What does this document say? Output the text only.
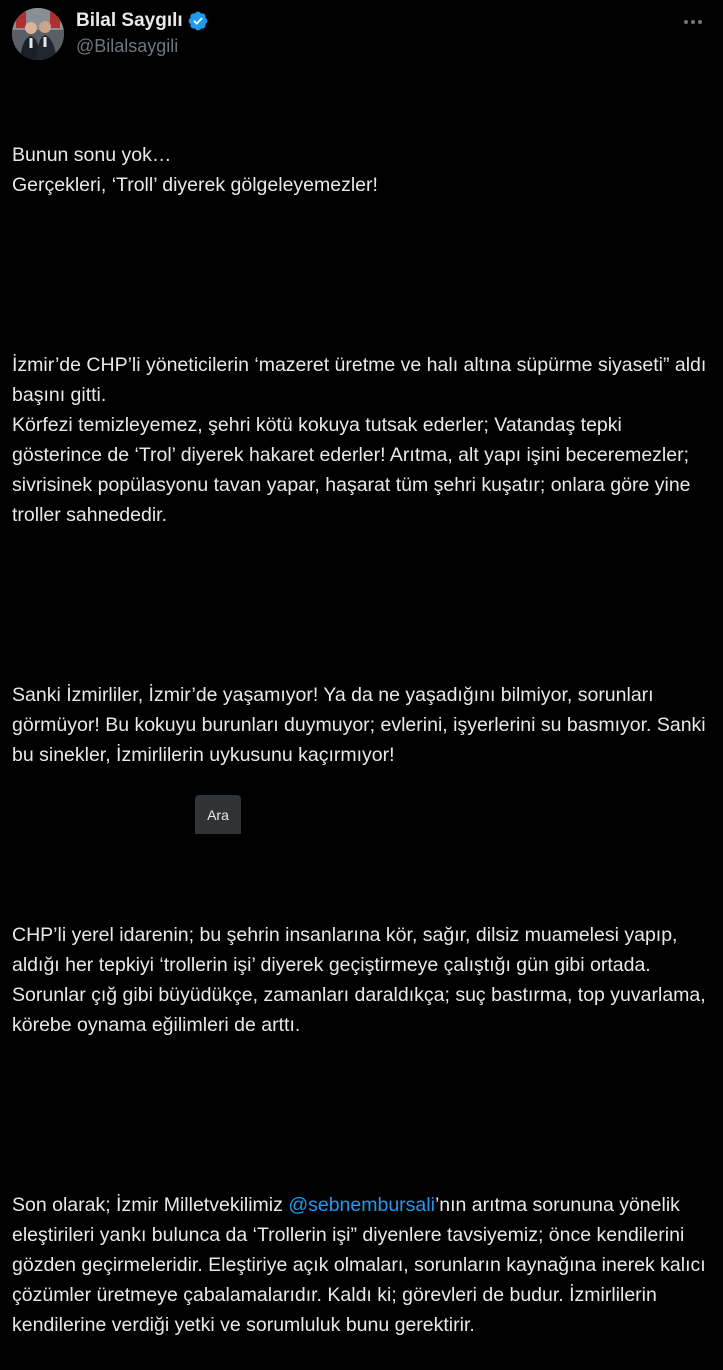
Bilal Saygılı
@Bilalsaygili

Bunun sonu yok…
Gerçekleri, ‘Troll’ diyerek gölgeleyemezler!

İzmir’de CHP’li yöneticilerin ‘mazeret üretme ve halı altına süpürme siyaseti” aldı başını gitti.
Körfezi temizleyemez, şehri kötü kokuya tutsak ederler; Vatandaş tepki gösterince de ‘Trol’ diyerek hakaret ederler! Arıtma, alt yapı işini beceremezler; sivrisinek popülasyonu tavan yapar, haşarat tüm şehri kuşatır; onlara göre yine troller sahnededir.

Sanki İzmirliler, İzmir’de yaşamıyor! Ya da ne yaşadığını bilmiyor, sorunları görmüyor! Bu kokuyu burunları duymuyor; evlerini, işyerlerini su basmıyor. Sanki bu sinekler, İzmirlilerin uykusunu kaçırmıyor!

CHP’li yerel idarenin; bu şehrin insanlarına kör, sağır, dilsiz muamelesi yapıp, aldığı her tepkiyi ‘trollerin işi’ diyerek geçiştirmeye çalıştığı gün gibi ortada. Sorunlar çığ gibi büyüdükçe, zamanları daraldıkça; suç bastırma, top yuvarlama, körebe oynama eğilimleri de arttı.

Son olarak; İzmir Milletvekilimiz @sebnembursali’nın arıtma sorununa yönelik eleştirileri yankı bulunca da ‘Trollerin işi” diyenlere tavsiyemiz; önce kendilerini gözden geçirmeleridir. Eleştiriye açık olmaları, sorunların kaynağına inerek kalıcı çözümler üretmeye çabalamalarıdır. Kaldı ki; görevleri de budur. İzmirlilerin kendilerine verdiği yetki ve sorumluluk bunu gerektirir.

Ara
